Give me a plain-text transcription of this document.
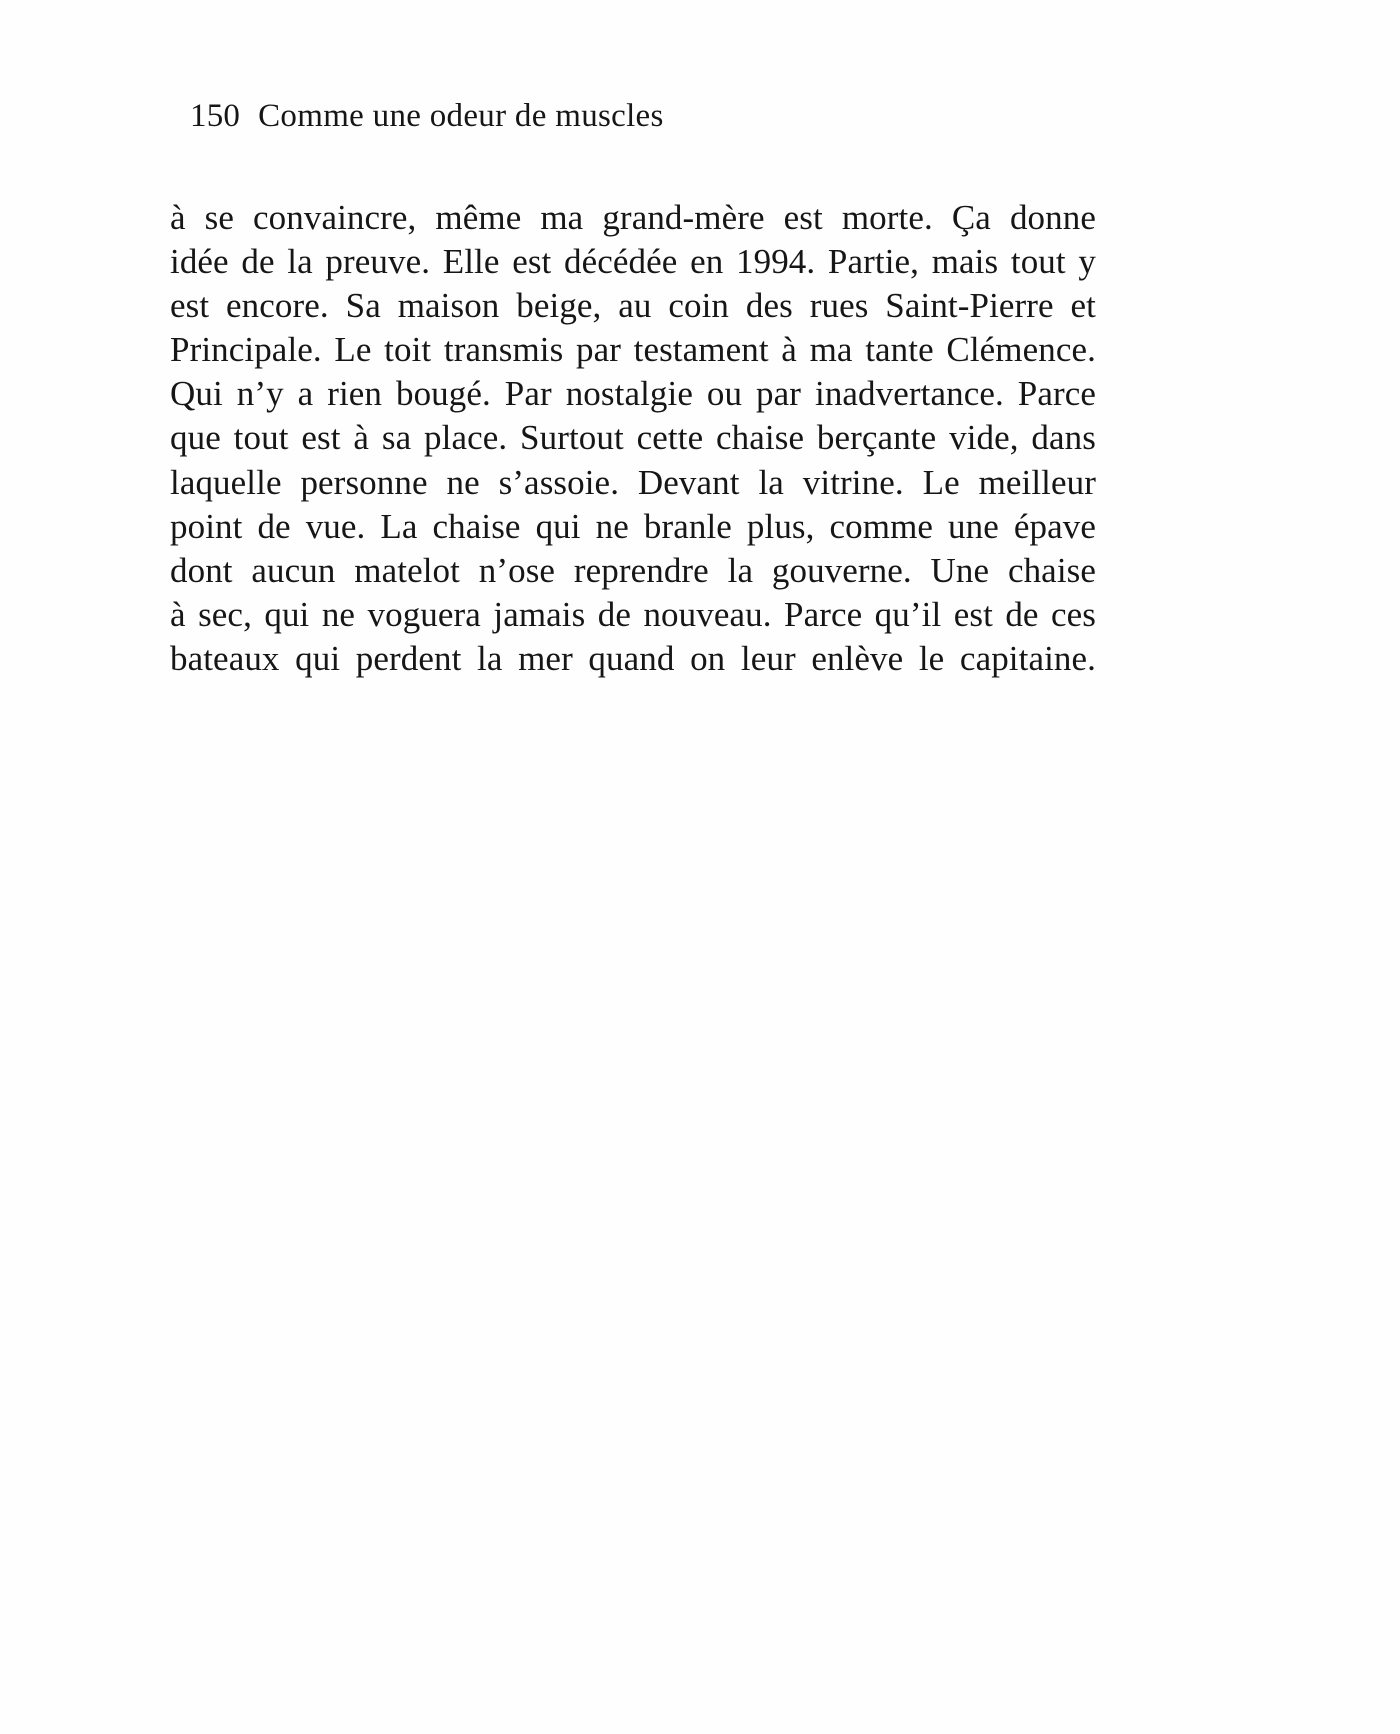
150 Comme une odeur de muscles
à se convaincre, même ma grand-mère est morte. Ça donne
idée de la preuve. Elle est décédée en 1994. Partie, mais tout y
est encore. Sa maison beige, au coin des rues Saint-Pierre et
Principale. Le toit transmis par testament à ma tante Clémence.
Qui n’y a rien bougé. Par nostalgie ou par inadvertance. Parce
que tout est à sa place. Surtout cette chaise berçante vide, dans
laquelle personne ne s’assoie. Devant la vitrine. Le meilleur
point de vue. La chaise qui ne branle plus, comme une épave
dont aucun matelot n’ose reprendre la gouverne. Une chaise
à sec, qui ne voguera jamais de nouveau. Parce qu’il est de ces
bateaux qui perdent la mer quand on leur enlève le capitaine.
